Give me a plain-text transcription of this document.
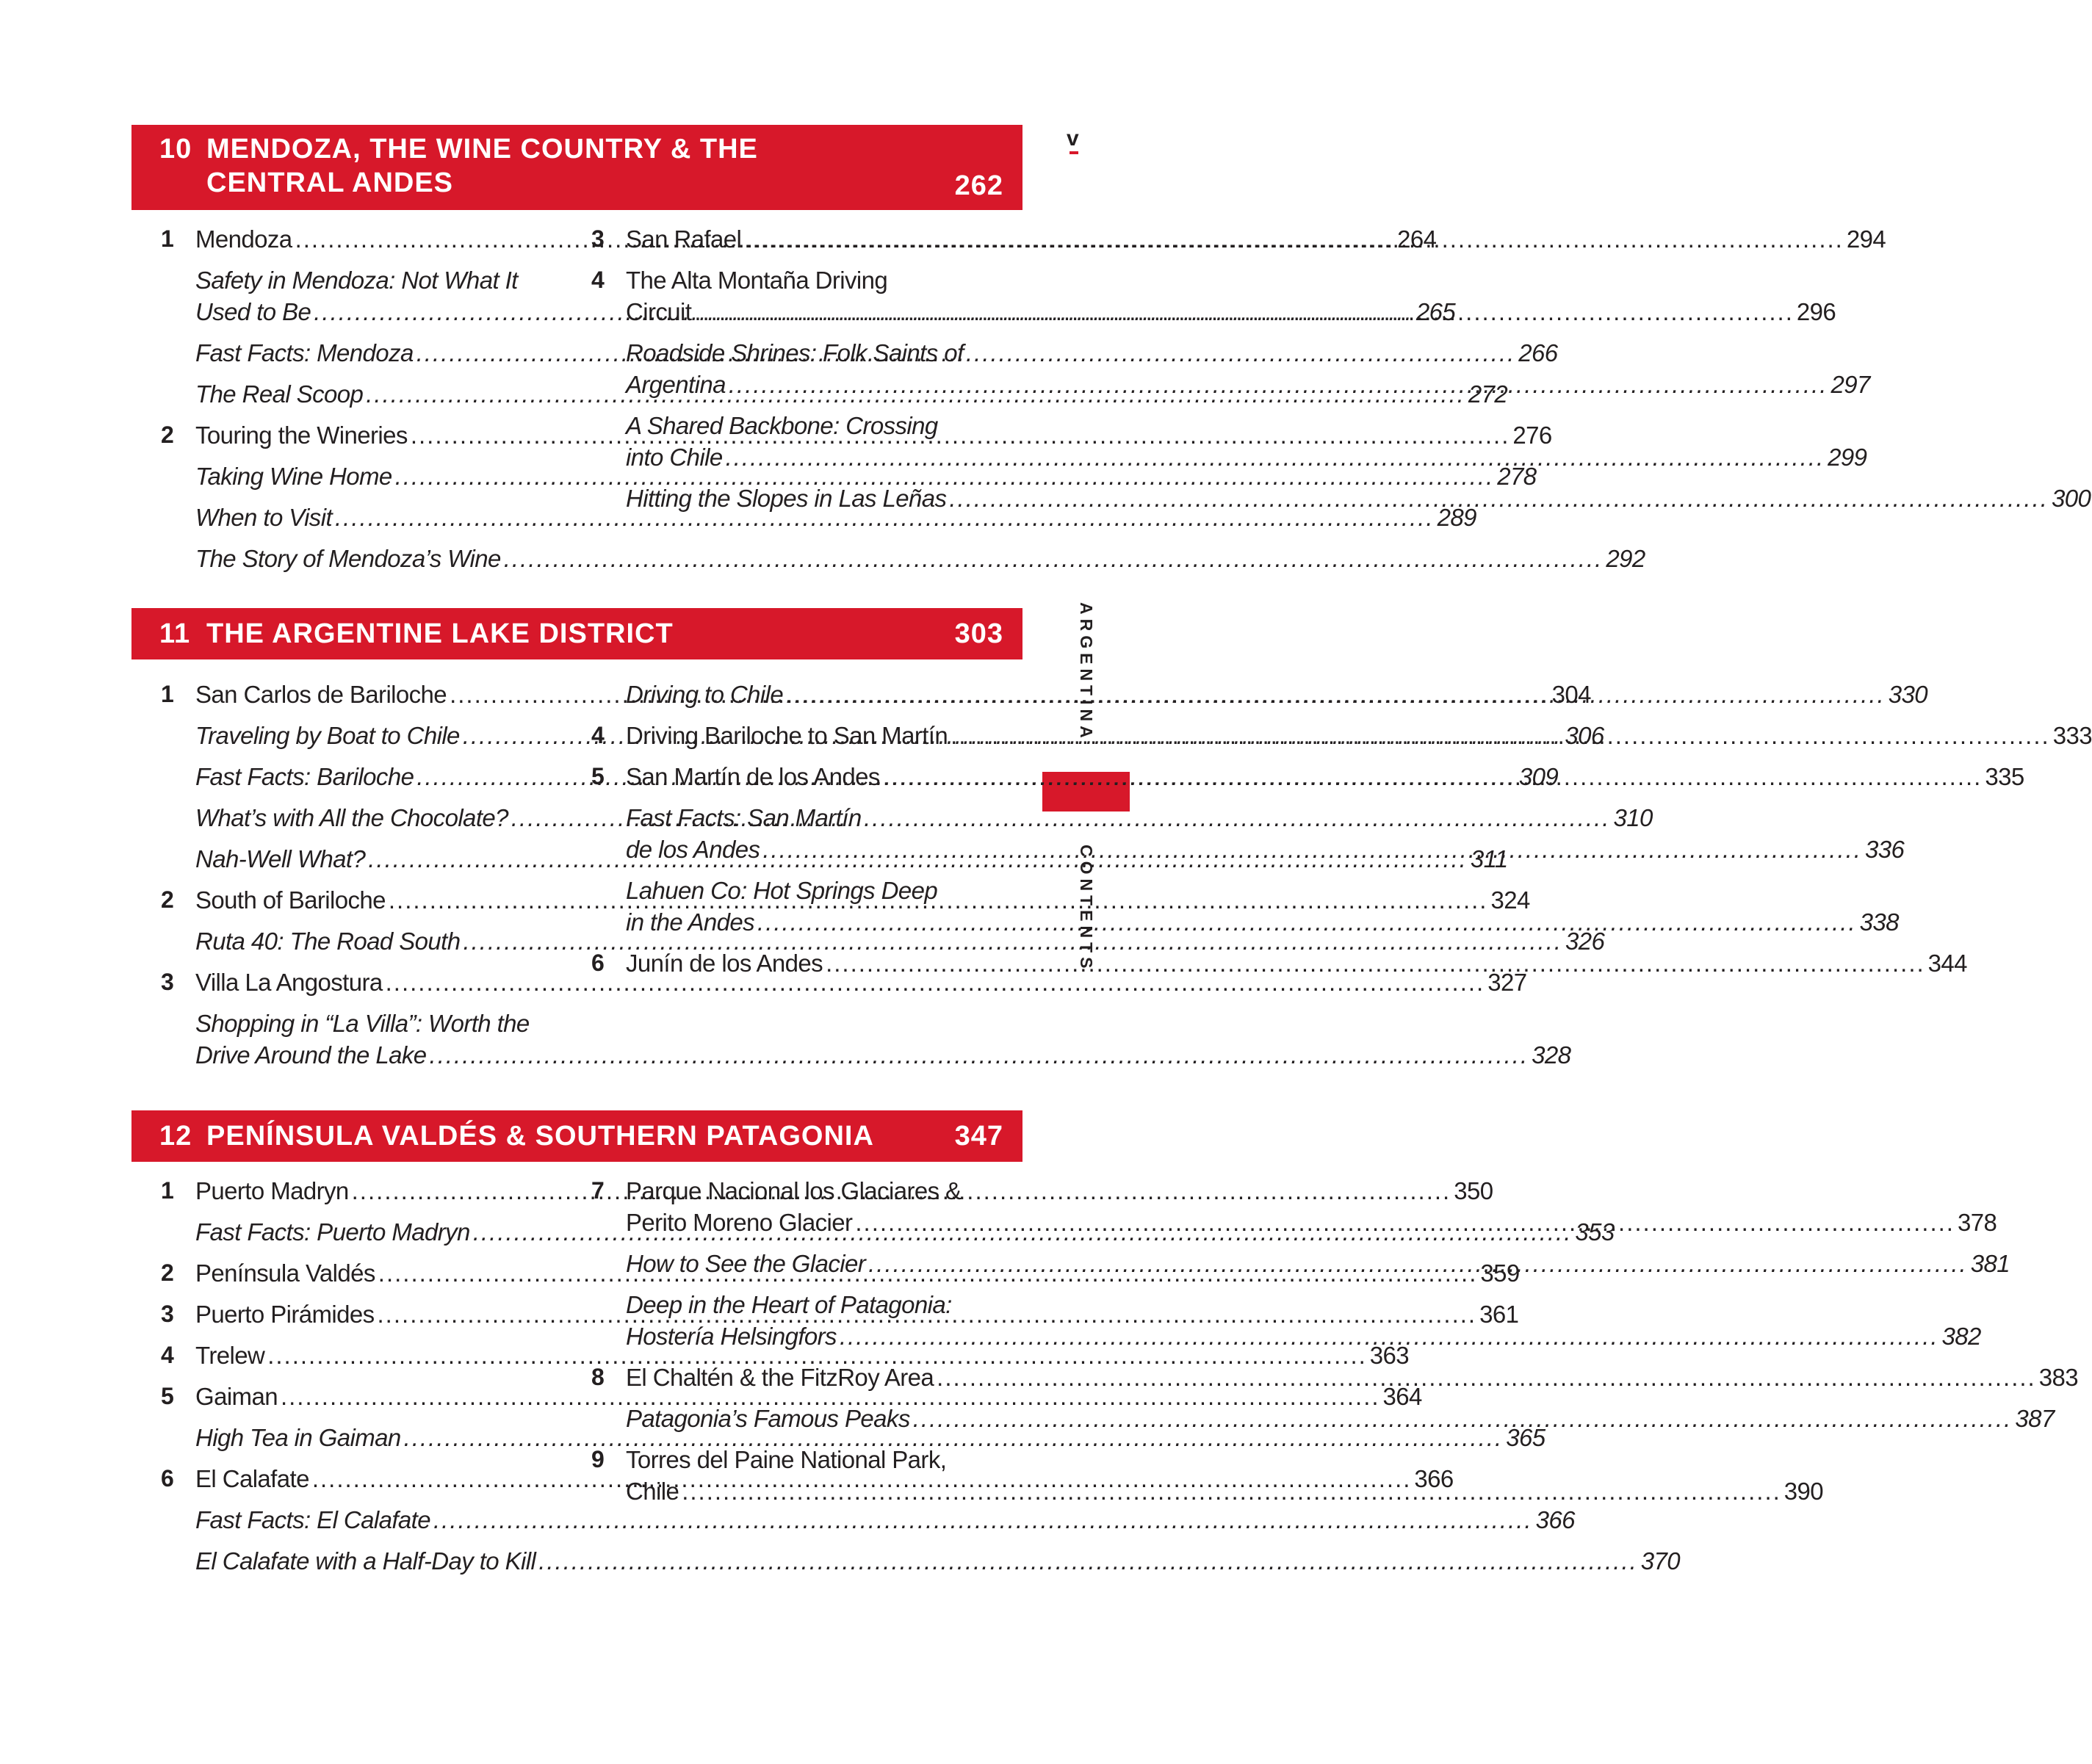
v
ARGENTINA
CONTENTS
10 MENDOZA, THE WINE COUNTRY & THE
CENTRAL ANDES	262
1 Mendoza .....	264
Safety in Mendoza: Not What It
Used to Be .....	265
Fast Facts: Mendoza .....	266
The Real Scoop .....	272
2 Touring the Wineries .....	276
Taking Wine Home .....	278
When to Visit .....	289
The Story of Mendoza’s Wine .....	292
3 San Rafael .....	294
4 The Alta Montaña Driving
Circuit .....	296
Roadside Shrines: Folk Saints of
Argentina .....	297
A Shared Backbone: Crossing
into Chile .....	299
Hitting the Slopes in Las Leñas .....	300
11 THE ARGENTINE LAKE DISTRICT	303
1 San Carlos de Bariloche .....	304
Traveling by Boat to Chile .....	306
Fast Facts: Bariloche .....	309
What’s with All the Chocolate? .....	310
Nah-Well What? .....	311
2 South of Bariloche .....	324
Ruta 40: The Road South .....	326
3 Villa La Angostura .....	327
Shopping in “La Villa”: Worth the
Drive Around the Lake .....	328
Driving to Chile .....	330
4 Driving Bariloche to San Martín .....	333
5 San Martín de los Andes .....	335
Fast Facts: San Martín
de los Andes .....	336
Lahuen Co: Hot Springs Deep
in the Andes .....	338
6 Junín de los Andes .....	344
12 PENÍNSULA VALDÉS & SOUTHERN PATAGONIA	347
1 Puerto Madryn .....	350
Fast Facts: Puerto Madryn .....	353
2 Península Valdés .....	359
3 Puerto Pirámides .....	361
4 Trelew .....	363
5 Gaiman .....	364
High Tea in Gaiman .....	365
6 El Calafate .....	366
Fast Facts: El Calafate .....	366
El Calafate with a Half-Day to Kill .....	370
7 Parque Nacional los Glaciares &
Perito Moreno Glacier .....	378
How to See the Glacier .....	381
Deep in the Heart of Patagonia:
Hostería Helsingfors .....	382
8 El Chaltén & the FitzRoy Area .....	383
Patagonia’s Famous Peaks .....	387
9 Torres del Paine National Park,
Chile .....	390
